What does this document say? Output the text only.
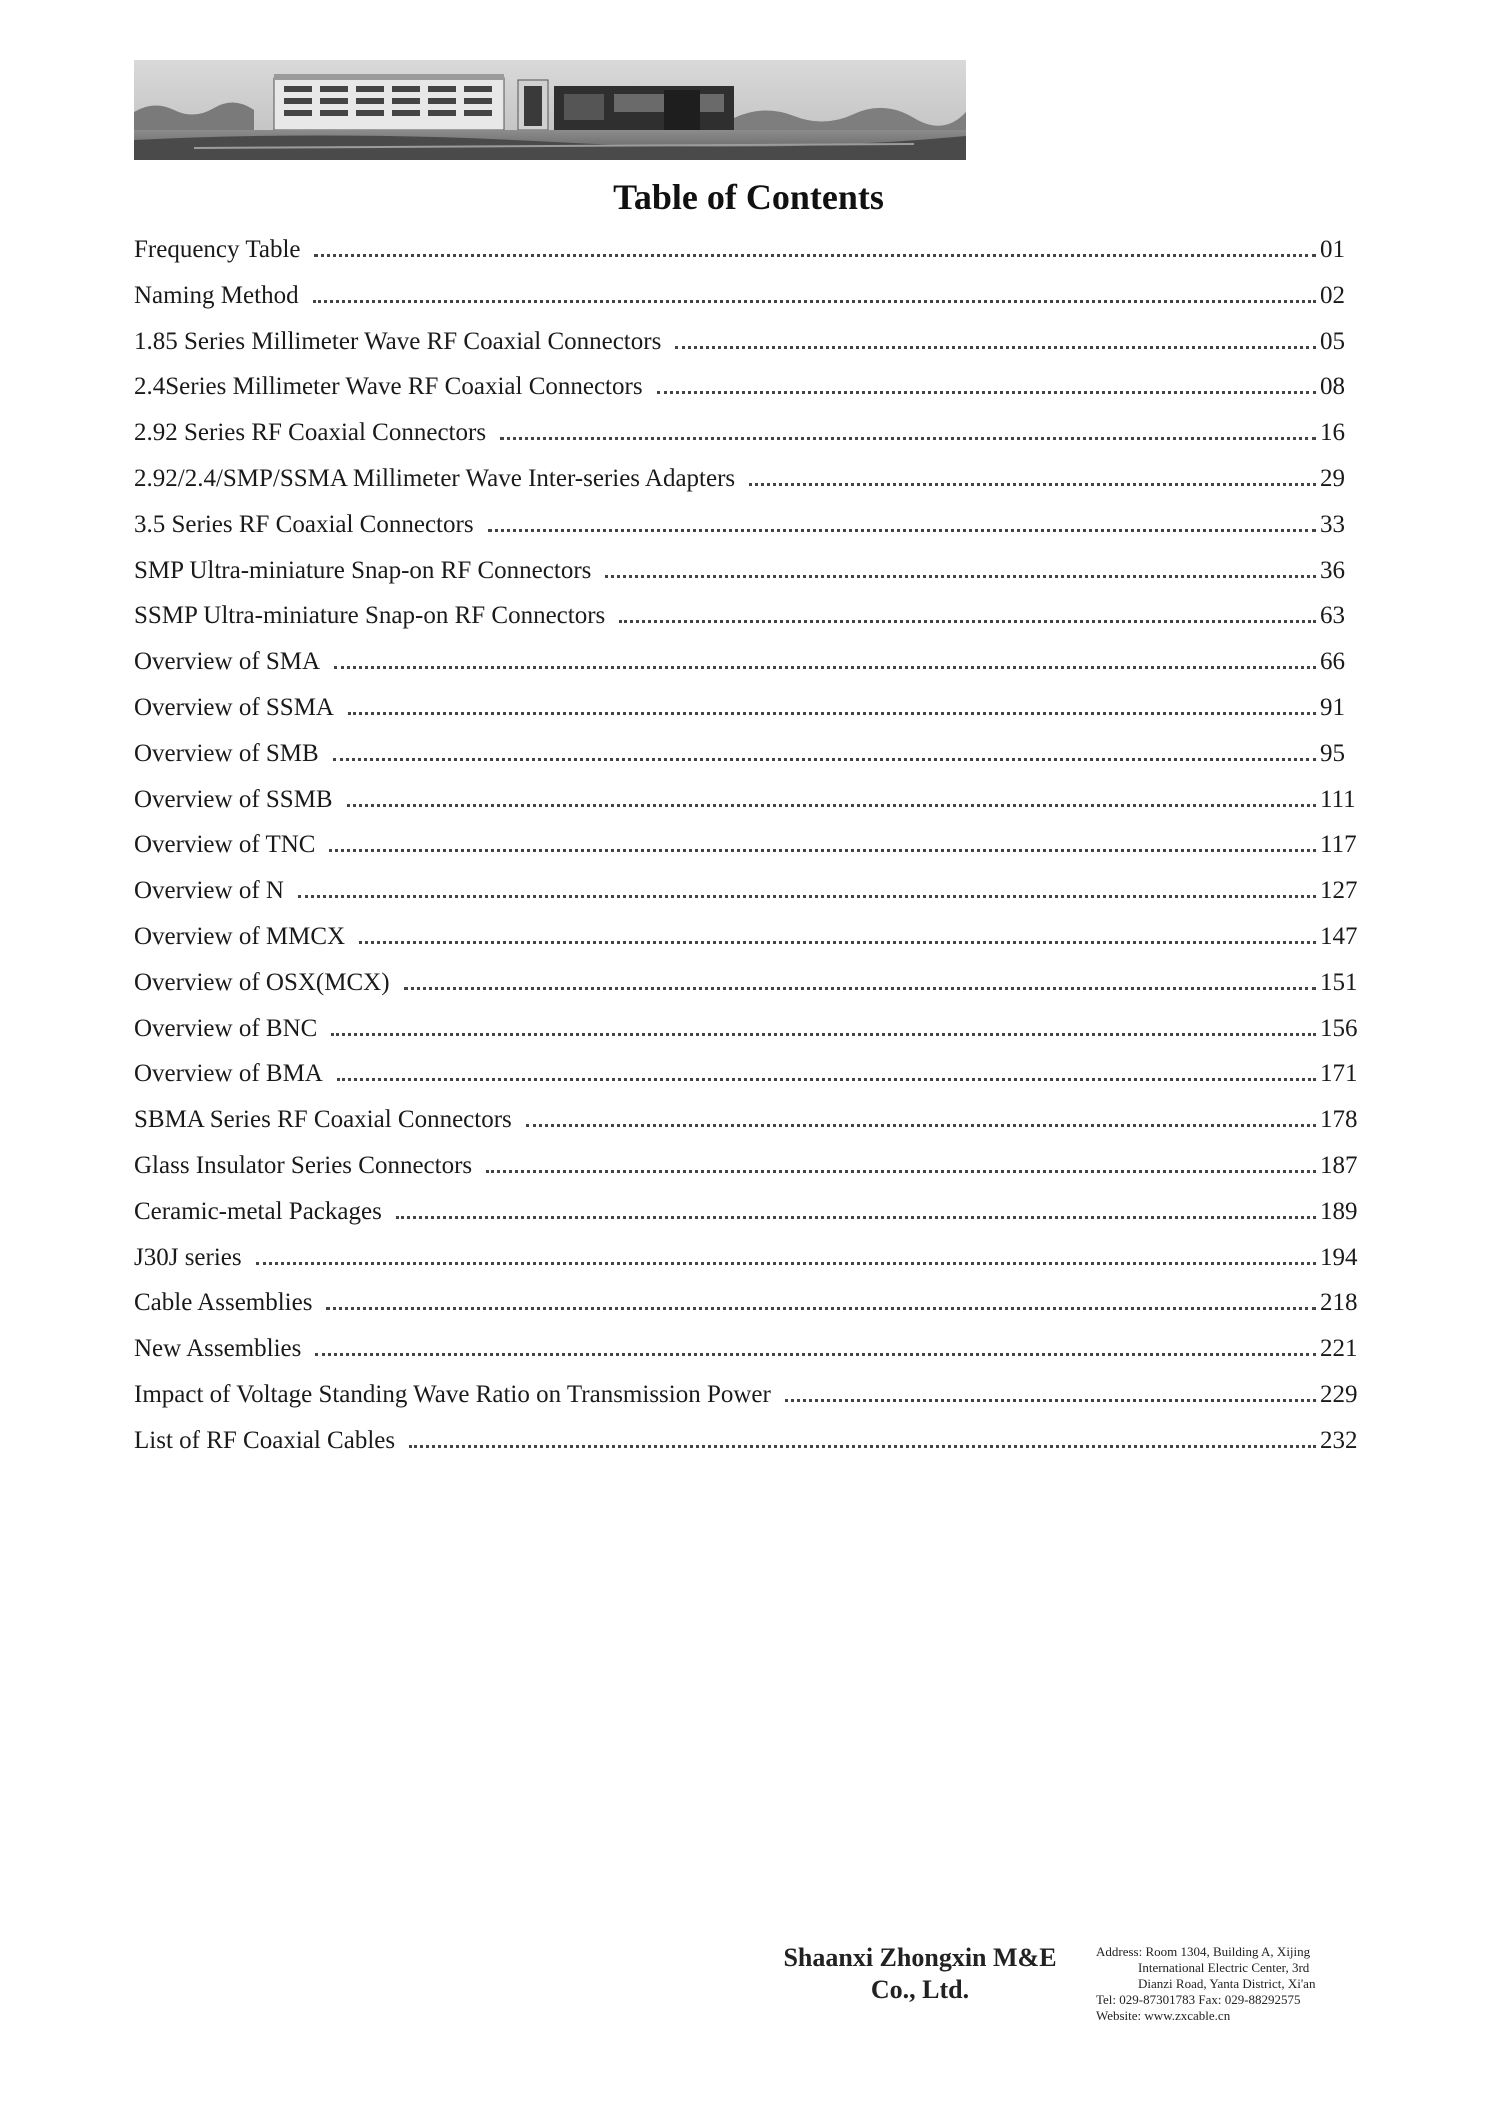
Table of Contents
Frequency Table	01
Naming Method	02
1.85 Series Millimeter Wave RF Coaxial Connectors	05
2.4Series Millimeter Wave RF Coaxial Connectors	08
2.92 Series RF Coaxial Connectors	16
2.92/2.4/SMP/SSMA Millimeter Wave Inter-series Adapters	29
3.5 Series RF Coaxial Connectors	33
SMP Ultra-miniature Snap-on RF Connectors	36
SSMP Ultra-miniature Snap-on RF Connectors	63
Overview of SMA	66
Overview of SSMA	91
Overview of SMB	95
Overview of SSMB	111
Overview of TNC	117
Overview of N	127
Overview of MMCX	147
Overview of OSX(MCX)	151
Overview of BNC	156
Overview of BMA	171
SBMA Series RF Coaxial Connectors	178
Glass Insulator Series Connectors	187
Ceramic-metal Packages	189
J30J series	194
Cable Assemblies	218
New Assemblies	221
Impact of Voltage Standing Wave Ratio on Transmission Power	229
List of RF Coaxial Cables	232
Shaanxi Zhongxin M&E
Co., Ltd.
Address: Room 1304, Building A, Xijing
International Electric Center, 3rd
Dianzi Road, Yanta District, Xi'an
Tel: 029-87301783 Fax: 029-88292575
Website: www.zxcable.cn
